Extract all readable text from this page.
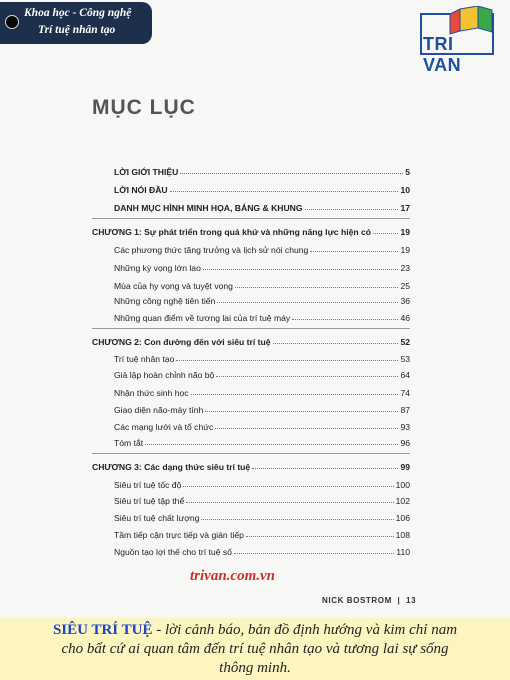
Khoa học - Công nghệ
Trí tuệ nhân tạo
TRI VAN
MỤC LỤC
LỜI GIỚI THIỆU	5
LỜI NÓI ĐẦU	10
DANH MỤC HÌNH MINH HỌA, BẢNG & KHUNG	17
CHƯƠNG 1: Sự phát triển trong quá khứ và những năng lực hiện có	19
Các phương thức tăng trưởng và lịch sử nói chung	19
Những kỳ vọng lớn lao	23
Mùa của hy vọng và tuyệt vọng	25
Những công nghệ tiên tiến	36
Những quan điểm về tương lai của trí tuệ máy	46
CHƯƠNG 2: Con đường đến với siêu trí tuệ	52
Trí tuệ nhân tạo	53
Giả lập hoàn chỉnh não bộ	64
Nhận thức sinh học	74
Giao diện não-máy tính	87
Các mạng lưới và tổ chức	93
Tóm tắt	96
CHƯƠNG 3: Các dạng thức siêu trí tuệ	99
Siêu trí tuệ tốc độ	100
Siêu trí tuệ tập thể	102
Siêu trí tuệ chất lượng	106
Tầm tiếp cận trực tiếp và gián tiếp	108
Nguồn tạo lợi thế cho trí tuệ số	110
trivan.com.vn
NICK BOSTROM | 13
SIÊU TRÍ TUỆ - lời cảnh báo, bản đồ định hướng và kim chỉ nam
cho bất cứ ai quan tâm đến trí tuệ nhân tạo và tương lai sự sống
thông minh.
